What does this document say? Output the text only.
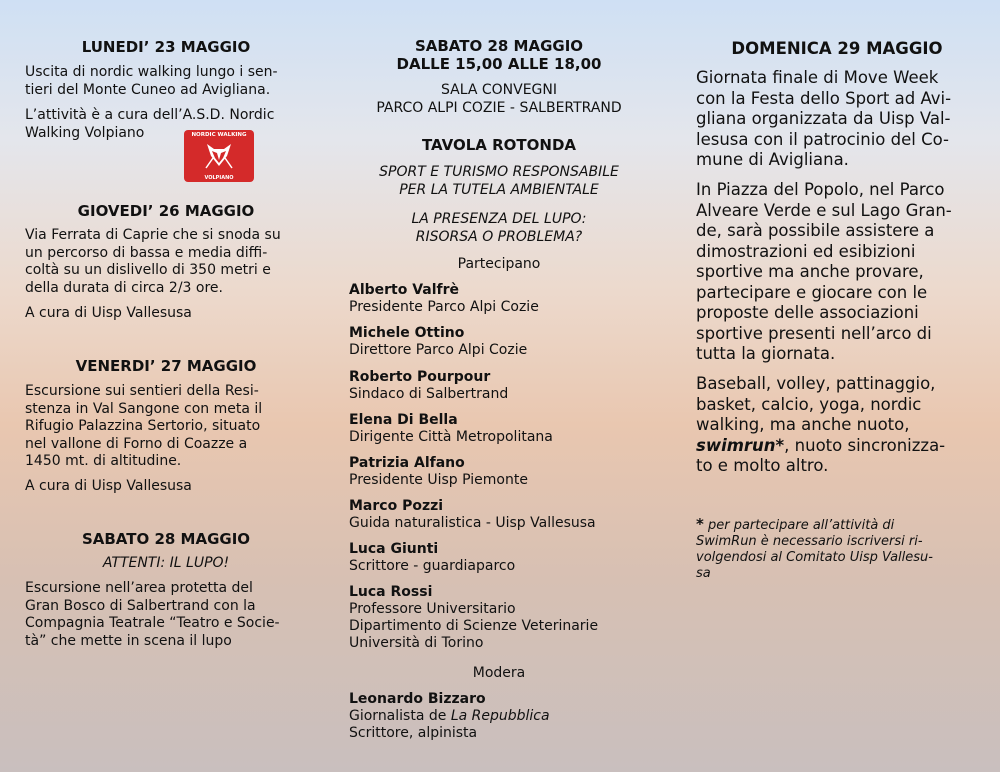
LUNEDI’ 23 MAGGIO

Uscita di nordic walking lungo i sen-

tieri del Monte Cuneo ad Avigliana.

L’attività è a cura dell’A.S.D. Nordic

Walking Volpiano	NORDIC WALKING
VOLPIANO

GIOVEDI’ 26 MAGGIO

Via Ferrata di Caprie che si snoda su

un percorso di bassa e media diffi-

coltà su un dislivello di 350 metri e

della durata di circa 2/3 ore.

A cura di Uisp Vallesusa

VENERDI’ 27 MAGGIO

Escursione sui sentieri della Resi-

stenza in Val Sangone con meta il

Rifugio Palazzina Sertorio, situato

nel vallone di Forno di Coazze a

1450 mt. di altitudine.

A cura di Uisp Vallesusa

SABATO 28 MAGGIO

ATTENTI: IL LUPO!

Escursione nell’area protetta del

Gran Bosco di Salbertrand con la

Compagnia Teatrale “Teatro e Socie-

tà” che mette in scena il lupo

SABATO 28 MAGGIO

DALLE 15,00 ALLE 18,00

SALA CONVEGNI

PARCO ALPI COZIE - SALBERTRAND

TAVOLA ROTONDA

SPORT E TURISMO RESPONSABILE

PER LA TUTELA AMBIENTALE

LA PRESENZA DEL LUPO:

RISORSA O PROBLEMA?

Partecipano

Alberto Valfrè

Presidente Parco Alpi Cozie

Michele Ottino

Direttore Parco Alpi Cozie

Roberto Pourpour

Sindaco di Salbertrand

Elena Di Bella

Dirigente Città Metropolitana

Patrizia Alfano

Presidente Uisp Piemonte

Marco Pozzi

Guida naturalistica - Uisp Vallesusa

Luca Giunti

Scrittore - guardiaparco

Luca Rossi

Professore Universitario

Dipartimento di Scienze Veterinarie

Università di Torino

Modera

Leonardo Bizzaro

Giornalista de La Repubblica

Scrittore, alpinista

DOMENICA 29 MAGGIO

Giornata finale di Move Week

con la Festa dello Sport ad Avi-

gliana organizzata da Uisp Val-

lesusa con il patrocinio del Co-

mune di Avigliana.

In Piazza del Popolo, nel Parco

Alveare Verde e sul Lago Gran-

de, sarà possibile assistere a

dimostrazioni ed esibizioni

sportive ma anche provare,

partecipare e giocare con le

proposte delle associazioni

sportive presenti nell’arco di

tutta la giornata.

Baseball, volley, pattinaggio,

basket, calcio, yoga, nordic

walking, ma anche nuoto,

swimrun*, nuoto sincronizza-

to e molto altro.

* per partecipare all’attività di

SwimRun è necessario iscriversi ri-

volgendosi al Comitato Uisp Vallesu-

sa
